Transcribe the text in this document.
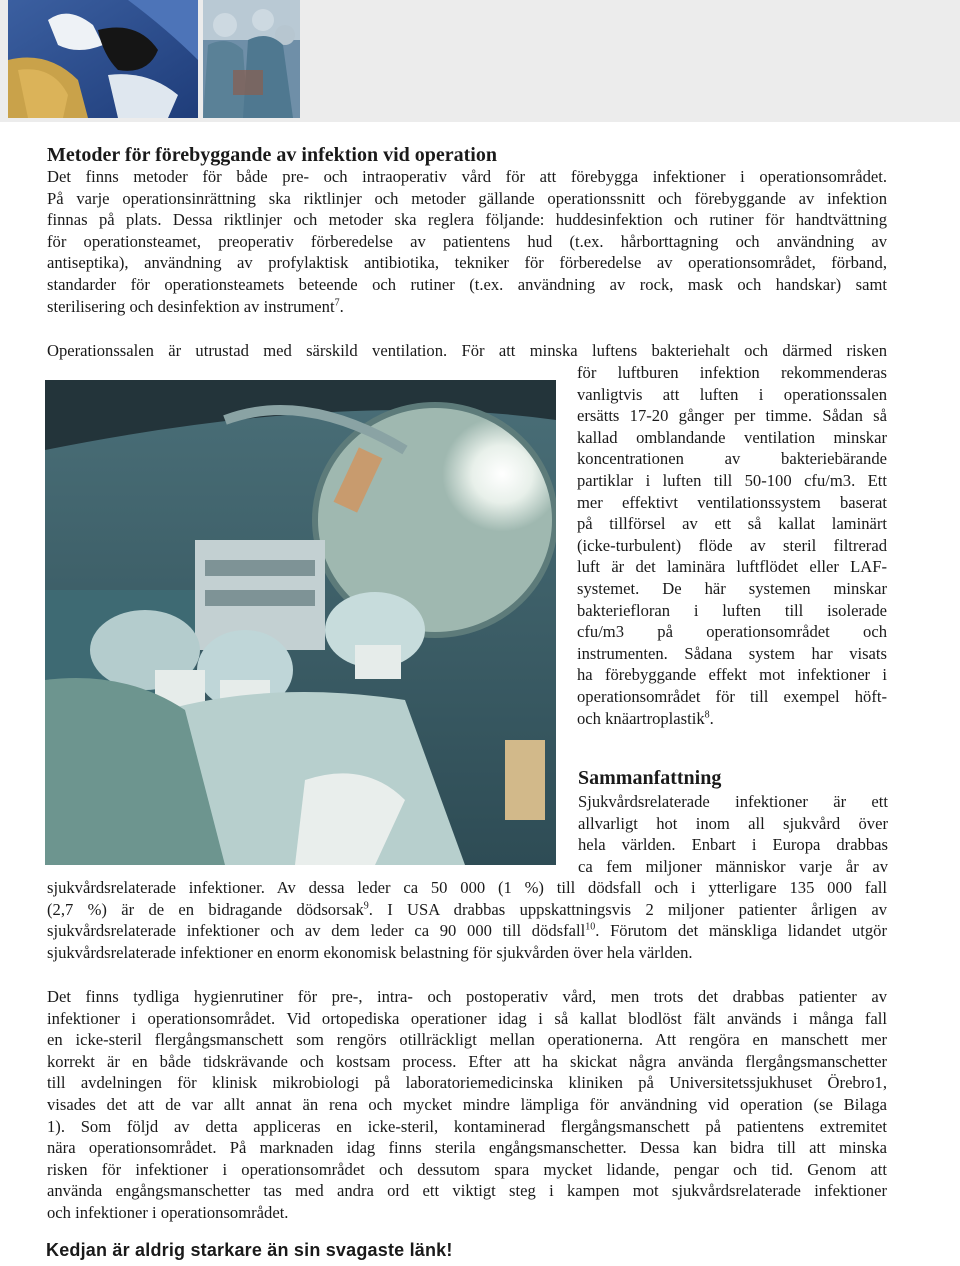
Metoder för förebyggande av infektion vid operation
Det finns metoder för både pre- och intraoperativ vård för att förebygga infektioner i operationsområdet.
På varje operationsinrättning ska riktlinjer och metoder gällande operationssnitt och förebyggande av infektion
finnas på plats. Dessa riktlinjer och metoder ska reglera följande: huddesinfektion och rutiner för handtvättning
för operationsteamet, preoperativ förberedelse av patientens hud (t.ex. hårborttagning och användning av
antiseptika), användning av profylaktisk antibiotika, tekniker för förberedelse av operationsområdet, förband,
standarder för operationsteamets beteende och rutiner (t.ex. användning av rock, mask och handskar) samt
sterilisering och desinfektion av instrument$^7$.
Operationssalen är utrustad med särskild ventilation. För att minska luftens bakteriehalt och därmed risken
för luftburen infektion rekommenderas
vanligtvis att luften i operationssalen
ersätts 17-20 gånger per timme. Sådan så
kallad omblandande ventilation minskar
koncentrationen av bakteriebärande
partiklar i luften till 50-100 cfu/m3. Ett
mer effektivt ventilationssystem baserat
på tillförsel av ett så kallat laminärt
(icke-turbulent) flöde av steril filtrerad
luft är det laminära luftflödet eller LAF-
systemet. De här systemen minskar
bakteriefloran i luften till isolerade
cfu/m3 på operationsområdet och
instrumenten. Sådana system har visats
ha förebyggande effekt mot infektioner i
operationsområdet för till exempel höft-
och knäartroplastik$^8$.
Sammanfattning
Sjukvårdsrelaterade infektioner är ett
allvarligt hot inom all sjukvård över
hela världen. Enbart i Europa drabbas
ca fem miljoner människor varje år av
sjukvårdsrelaterade infektioner. Av dessa leder ca 50 000 (1 %) till dödsfall och i ytterligare 135 000 fall
(2,7 %) är de en bidragande dödsorsak$^9$. I USA drabbas uppskattningsvis 2 miljoner patienter årligen av
sjukvårdsrelaterade infektioner och av dem leder ca 90 000 till dödsfall$^{10}$. Förutom det mänskliga lidandet utgör
sjukvårdsrelaterade infektioner en enorm ekonomisk belastning för sjukvården över hela världen.
Det finns tydliga hygienrutiner för pre-, intra- och postoperativ vård, men trots det drabbas patienter av
infektioner i operationsområdet. Vid ortopediska operationer idag i så kallat blodlöst fält används i många fall
en icke-steril flergångsmanschett som rengörs otillräckligt mellan operationerna. Att rengöra en manschett mer
korrekt är en både tidskrävande och kostsam process. Efter att ha skickat några använda flergångsmanschetter
till avdelningen för klinisk mikrobiologi på laboratoriemedicinska kliniken på Universitetssjukhuset Örebro1,
visades det att de var allt annat än rena och mycket mindre lämpliga för användning vid operation (se Bilaga
1). Som följd av detta appliceras en icke-steril, kontaminerad flergångsmanschett på patientens extremitet
nära operationsområdet. På marknaden idag finns sterila engångsmanschetter. Dessa kan bidra till att minska
risken för infektioner i operationsområdet och dessutom spara mycket lidande, pengar och tid. Genom att
använda engångsmanschetter tas med andra ord ett viktigt steg i kampen mot sjukvårdsrelaterade infektioner
och infektioner i operationsområdet.
Kedjan är aldrig starkare än sin svagaste länk!
